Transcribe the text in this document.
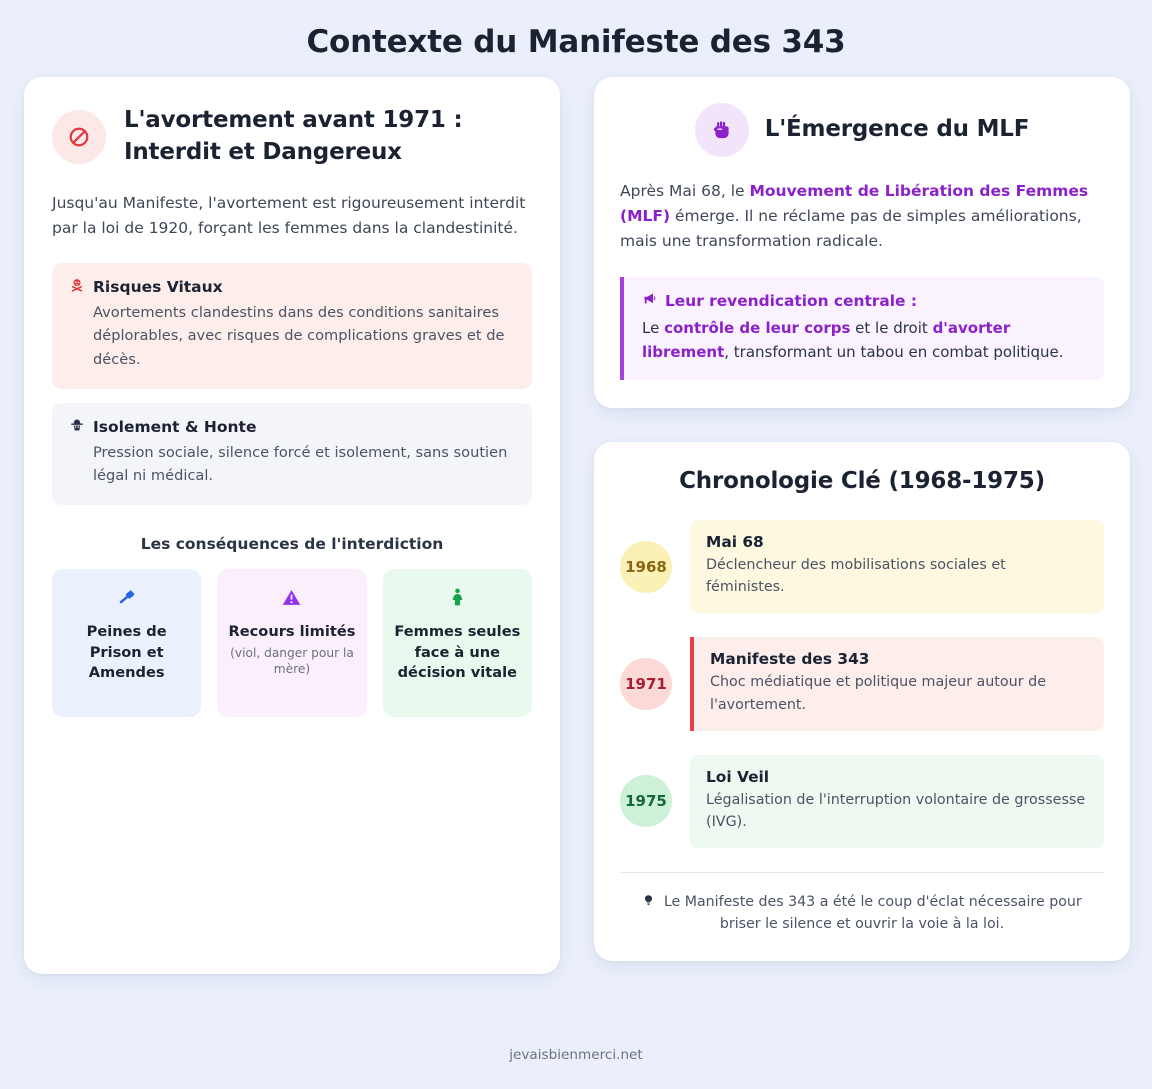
Contexte du Manifeste des 343
L'avortement avant 1971 : Interdit et Dangereux

Jusqu'au Manifeste, l'avortement est rigoureusement interdit par la loi de 1920, forçant les femmes dans la clandestinité.

Risques Vitaux
Avortements clandestins dans des conditions sanitaires déplorables, avec risques de complications graves et de décès.
Isolement & Honte
Pression sociale, silence forcé et isolement, sans soutien légal ni médical.
Les conséquences de l'interdiction
Peines de Prison et Amendes
Recours limités
(viol, danger pour la mère)
Femmes seules face à une décision vitale
L'Émergence du MLF

Après Mai 68, le Mouvement de Libération des Femmes (MLF) émerge. Il ne réclame pas de simples améliorations, mais une transformation radicale.

Leur revendication centrale :
Le contrôle de leur corps et le droit d'avorter librement, transformant un tabou en combat politique.
Chronologie Clé (1968-1975)
1968
Mai 68
Déclencheur des mobilisations sociales et féministes.
1971
Manifeste des 343
Choc médiatique et politique majeur autour de l'avortement.
1975
Loi Veil
Légalisation de l'interruption volontaire de grossesse (IVG).
Le Manifeste des 343 a été le coup d'éclat nécessaire pour briser le silence et ouvrir la voie à la loi.
jevaisbienmerci.net
